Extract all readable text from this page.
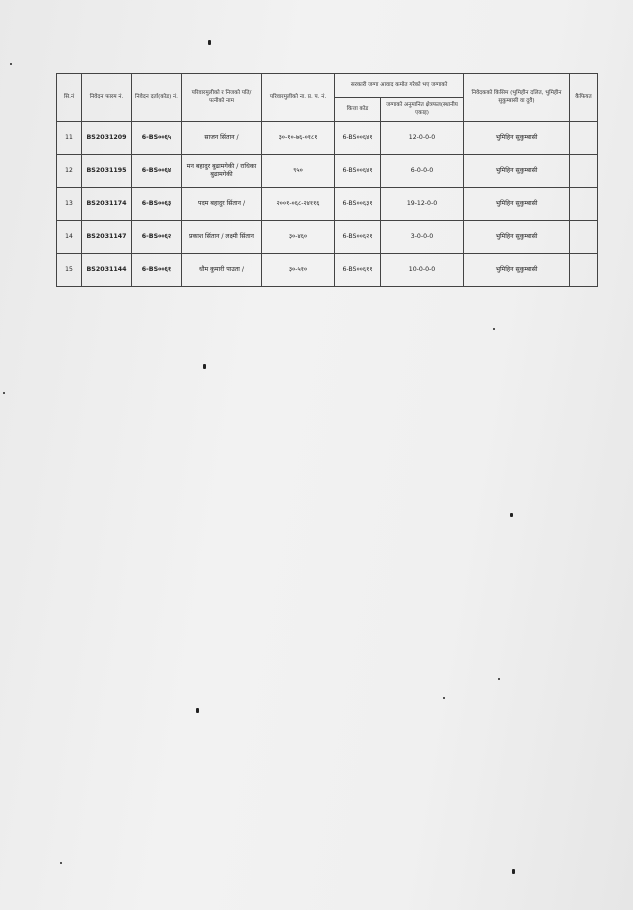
सि.नं	निवेदन फारम नं.	निवेदन दर्ता(कोड) नं.	परिवारमुलीको र निजको पति/पत्नीको नाम	परिवारमुलीको ना. प्र. प. नं.	सरकारी जग्गा आवाद कमोत गरेको भए जग्गाको		निवेदकको किसिम (भुमिहीन दलित, भुमिहीन सुकुम्बासी वा दुवै)	कैफियत
					कित्ता कोड	जग्गाको अनुमानित क्षेत्रफल(स्थानीय एकाइ)		
11	BS2031209	6-BS००६५	साजन सिंतान /	३०-१०-७६-०१८१	6-BS००६४१	12-0-0-0	भुमिहिन सुकुम्बासी	
12	BS2031195	6-BS००६४	मन बहादुर बुढामगेकी / राधिका बुढामगेकी	९५०	6-BS००६४१	6-0-0-0	भुमिहिन सुकुम्बासी	
13	BS2031174	6-BS००६३	पदम बहादुर सिंतान /	२००१-०६८-२४११६	6-BS००६३१	19-12-0-0	भुमिहिन सुकुम्बासी	
14	BS2031147	6-BS००६२	प्रकाश सिंतान / लक्ष्मी सिंतान	३०-४६०	6-BS००६२१	3-0-0-0	भुमिहिन सुकुम्बासी	
15	BS2031144	6-BS००६१	धौम कुमारी पाउता /	३०-५१०	6-BS००६११	10-0-0-0	भुमिहिन सुकुम्बासी	
